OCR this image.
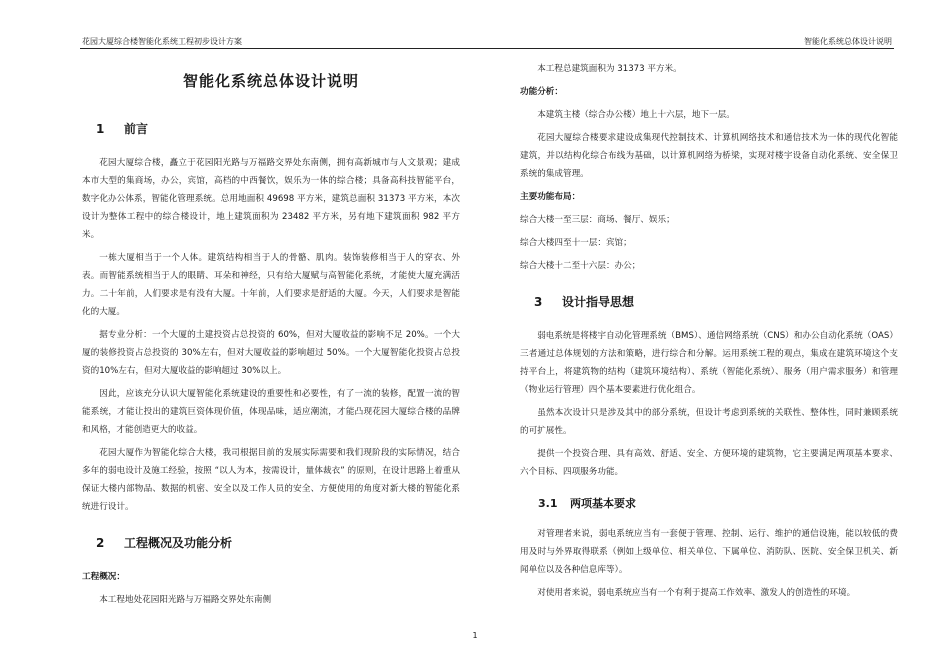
花园大厦综合楼智能化系统工程初步设计方案	智能化系统总体设计说明
智能化系统总体设计说明
1	前言

花园大厦综合楼，矗立于花园阳光路与万福路交界处东南侧，拥有高新城市与人文景观；建成本市大型的集商场，办公，宾馆，高档的中西餐饮，娱乐为一体的综合楼；具备高科技智能平台，数字化办公体系，智能化管理系统。总用地面积 49698 平方米，建筑总面积 31373 平方米，本次设计为整体工程中的综合楼设计，地上建筑面积为 23482 平方米，另有地下建筑面积 982 平方米。

一栋大厦相当于一个人体。建筑结构相当于人的骨骼、肌肉。装饰装修相当于人的穿衣、外表。而智能系统相当于人的眼睛、耳朵和神经，只有给大厦赋与高智能化系统，才能使大厦充满活力。二十年前，人们要求是有没有大厦。十年前，人们要求是舒适的大厦。今天，人们要求是智能化的大厦。

据专业分析：一个大厦的土建投资占总投资的 60%，但对大厦收益的影响不足 20%。一个大厦的装修投资占总投资的 30%左右，但对大厦收益的影响超过 50%。一个大厦智能化投资占总投资的10%左右，但对大厦收益的影响超过 30%以上。

因此，应该充分认识大厦智能化系统建设的重要性和必要性，有了一流的装修，配置一流的智能系统，才能让投出的建筑巨资体现价值，体现品味，适应潮流，才能凸现花园大厦综合楼的品牌和风格，才能创造更大的收益。

花园大厦作为智能化综合大楼，我司根据目前的发展实际需要和我们现阶段的实际情况，结合多年的弱电设计及施工经验，按照 “以人为本，按需设计，量体裁衣” 的原则，在设计思路上着重从保证大楼内部物品、数据的机密、安全以及工作人员的安全、方便使用的角度对新大楼的智能化系统进行设计。

2	工程概况及功能分析

工程概况：

本工程地处花园阳光路与万福路交界处东南侧

本工程总建筑面积为 31373 平方米。

功能分析：

本建筑主楼（综合办公楼）地上十六层，地下一层。

花园大厦综合楼要求建设成集现代控制技术、计算机网络技术和通信技术为一体的现代化智能建筑，并以结构化综合布线为基础，以计算机网络为桥梁，实现对楼宇设备自动化系统、安全保卫系统的集成管理。

主要功能布局：

综合大楼一至三层：商场、餐厅、娱乐；

综合大楼四至十一层：宾馆；

综合大楼十二至十六层：办公；

3	设计指导思想

弱电系统是将楼宇自动化管理系统（BMS）、通信网络系统（CNS）和办公自动化系统（OAS）三者通过总体规划的方法和策略，进行综合和分解。运用系统工程的观点，集成在建筑环境这个支持平台上，将建筑物的结构（建筑环境结构）、系统（智能化系统）、服务（用户需求服务）和管理（物业运行管理）四个基本要素进行优化组合。

虽然本次设计只是涉及其中的部分系统，但设计考虑到系统的关联性、整体性，同时兼顾系统的可扩展性。

提供一个投资合理、具有高效、舒适、安全、方便环境的建筑物，它主要满足两项基本要求、六个目标、四项服务功能。

3.1	两项基本要求

对管理者来说，弱电系统应当有一套便于管理、控制、运行、维护的通信设施，能以较低的费用及时与外界取得联系（例如上级单位、相关单位、下属单位、消防队、医院、安全保卫机关、新闻单位以及各种信息库等）。

对使用者来说，弱电系统应当有一个有利于提高工作效率、激发人的创造性的环境。

1
